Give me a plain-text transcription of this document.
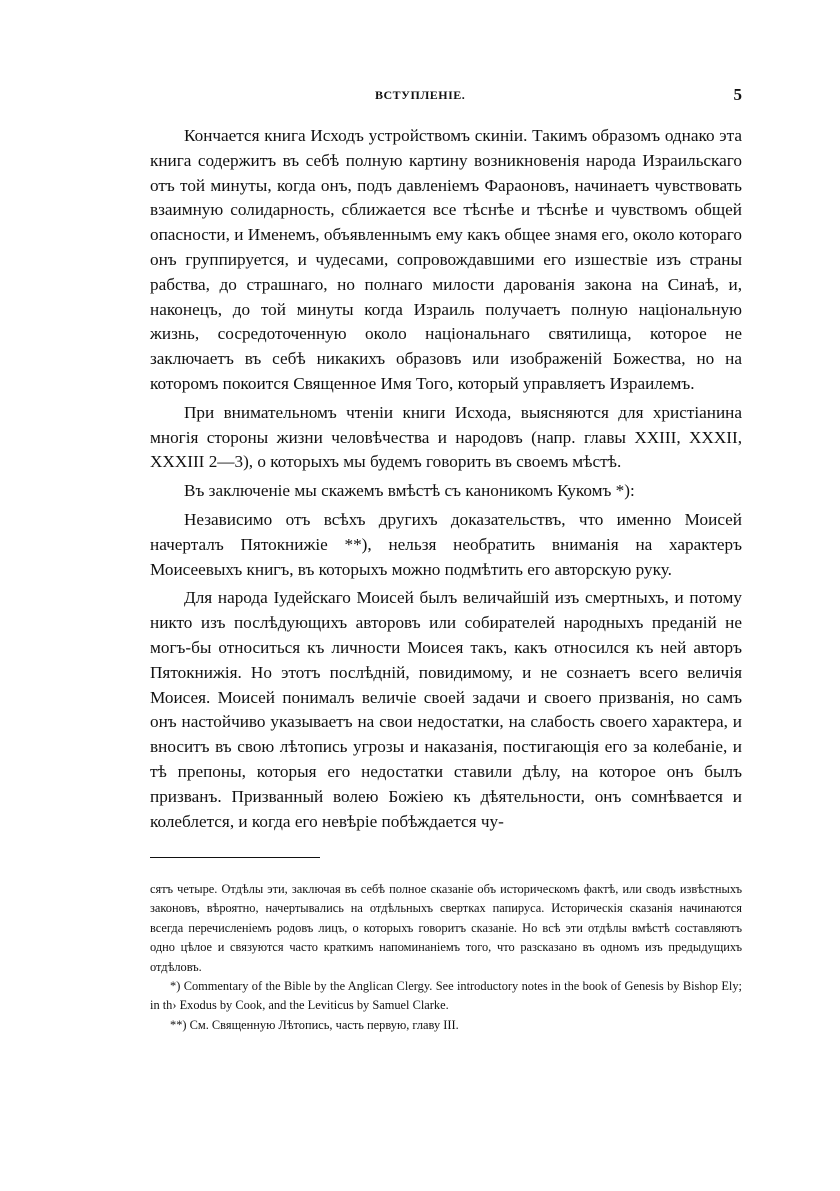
ВСТУПЛЕНІЕ.	5

Кончается книга Исходъ устройствомъ скиніи. Такимъ образомъ однако эта книга содержитъ въ себѣ полную картину возникновенія народа Израильскаго отъ той минуты, когда онъ, подъ давленіемъ Фараоновъ, начинаетъ чувствовать взаимную солидарность, сближается все тѣснѣе и тѣснѣе и чувствомъ общей опасности, и Именемъ, объявленнымъ ему какъ общее знамя его, около котораго онъ группируется, и чудесами, сопровождавшими его изшествіе изъ страны рабства, до страшнаго, но полнаго милости дарованія закона на Синаѣ, и, наконецъ, до той минуты когда Израиль получаетъ полную національную жизнь, сосредоточенную около національнаго святилища, которое не заключаетъ въ себѣ никакихъ образовъ или изображеній Божества, но на которомъ покоится Священное Имя Того, который управляетъ Израилемъ.

При внимательномъ чтеніи книги Исхода, выясняются для христіанина многія стороны жизни человѣчества и народовъ (напр. главы XXIII, XXXII, XXXIII 2—3), о которыхъ мы будемъ говорить въ своемъ мѣстѣ.

Въ заключеніе мы скажемъ вмѣстѣ съ каноникомъ Кукомъ *):

Независимо отъ всѣхъ другихъ доказательствъ, что именно Моисей начерталъ Пятокнижіе **), нельзя необратить вниманія на характеръ Моисеевыхъ книгъ, въ которыхъ можно подмѣтить его авторскую руку.

Для народа Іудейскаго Моисей былъ величайшій изъ смертныхъ, и потому никто изъ послѣдующихъ авторовъ или собирателей народныхъ преданій не могъ-бы относиться къ личности Моисея такъ, какъ относился къ ней авторъ Пятокнижія. Но этотъ послѣдній, повидимому, и не сознаетъ всего величія Моисея. Моисей понималъ величіе своей задачи и своего призванія, но самъ онъ настойчиво указываетъ на свои недостатки, на слабость своего характера, и вноситъ въ свою лѣтопись угрозы и наказанія, постигающія его за колебаніе, и тѣ препоны, которыя его недостатки ставили дѣлу, на которое онъ былъ призванъ. Призванный волею Божіею къ дѣятельности, онъ сомнѣвается и колеблется, и когда его невѣріе побѣждается чу-

сятъ четыре. Отдѣлы эти, заключая въ себѣ полное сказаніе объ историческомъ фактѣ, или сводъ извѣстныхъ законовъ, вѣроятно, начертывались на отдѣльныхъ свертках папируса. Историческія сказанія начинаются всегда перечисленіемъ родовъ лицъ, о которыхъ говоритъ сказаніе. Но всѣ эти отдѣлы вмѣстѣ составляютъ одно цѣлое и связуются часто краткимъ напоминаніемъ того, что разсказано въ одномъ изъ предыдущихъ отдѣловъ.

*) Commentary of the Bible by the Anglican Clergy. See introductory notes in the book of Genesis by Bishop Ely; in th› Exodus by Cook, and the Leviticus by Samuel Clarke.

**) См. Священную Лѣтопись, часть первую, главу III.
